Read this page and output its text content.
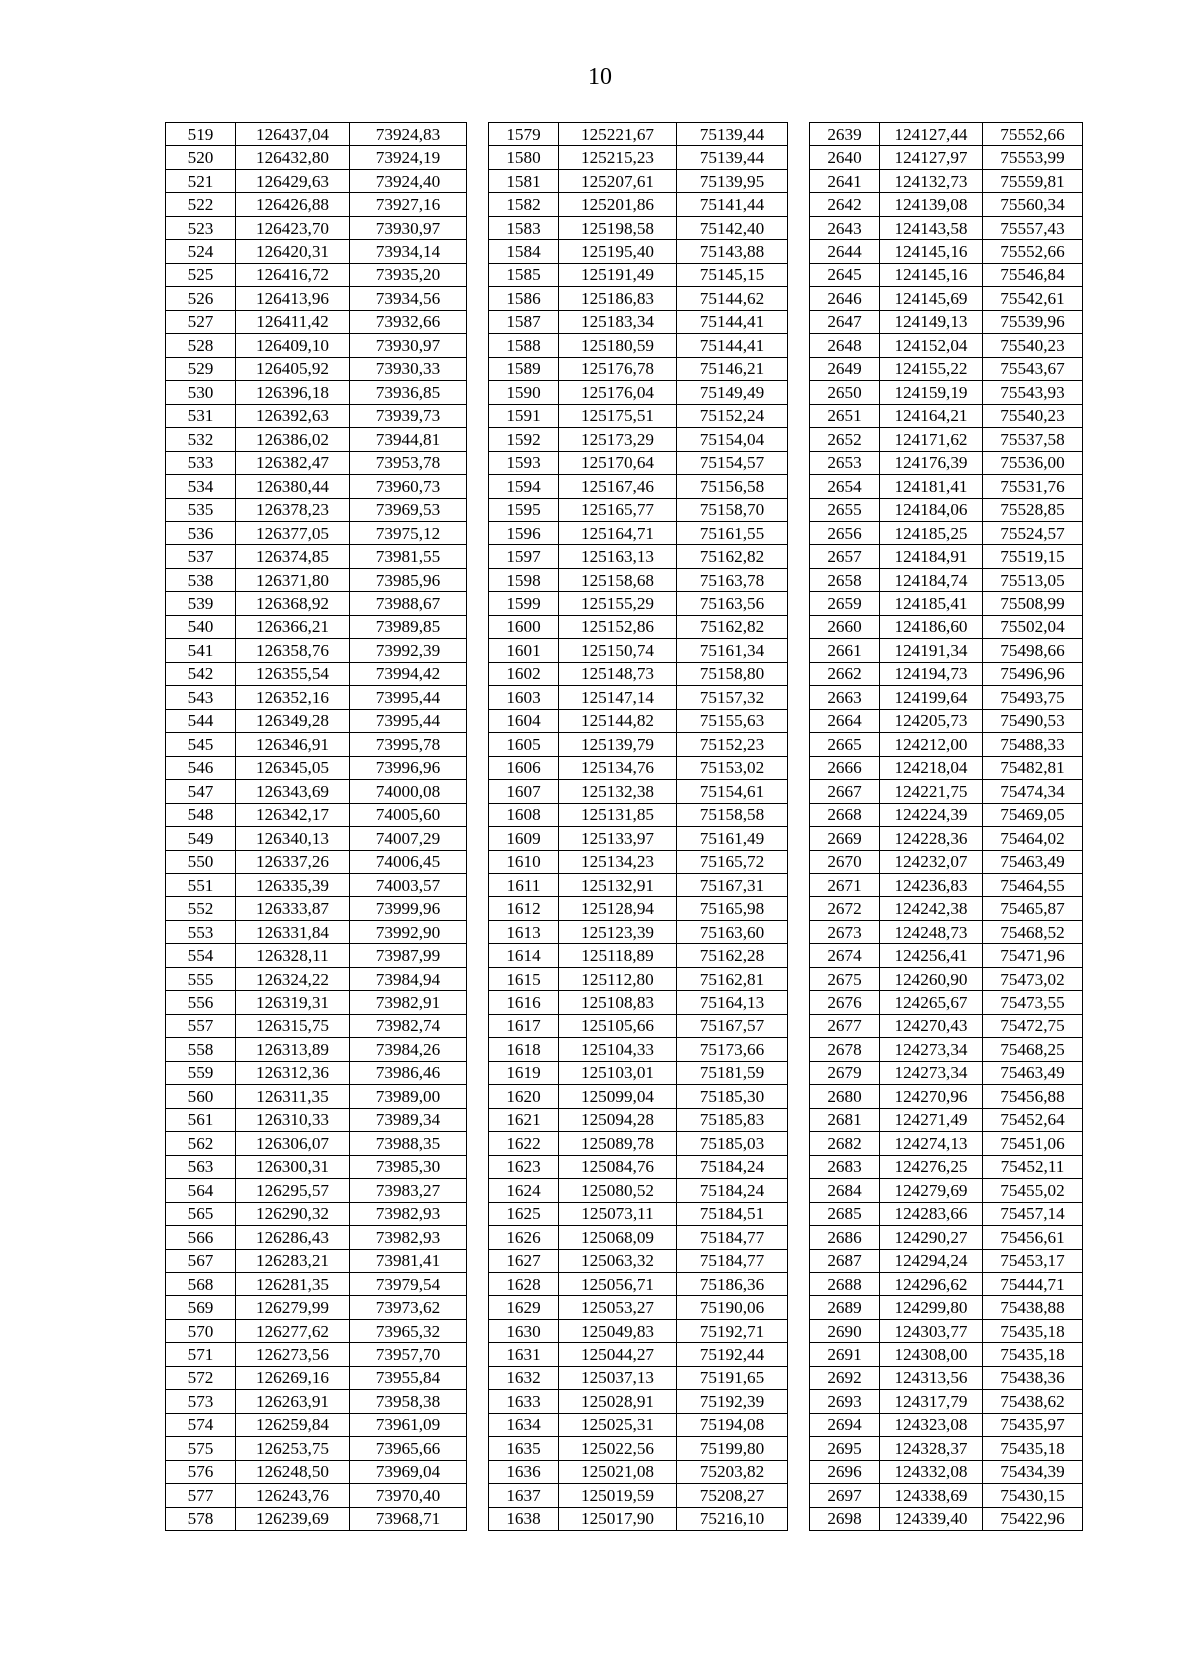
10
519	126437,04	73924,83		1579	125221,67	75139,44		2639	124127,44	75552,66
520	126432,80	73924,19		1580	125215,23	75139,44		2640	124127,97	75553,99
521	126429,63	73924,40		1581	125207,61	75139,95		2641	124132,73	75559,81
522	126426,88	73927,16		1582	125201,86	75141,44		2642	124139,08	75560,34
523	126423,70	73930,97		1583	125198,58	75142,40		2643	124143,58	75557,43
524	126420,31	73934,14		1584	125195,40	75143,88		2644	124145,16	75552,66
525	126416,72	73935,20		1585	125191,49	75145,15		2645	124145,16	75546,84
526	126413,96	73934,56		1586	125186,83	75144,62		2646	124145,69	75542,61
527	126411,42	73932,66		1587	125183,34	75144,41		2647	124149,13	75539,96
528	126409,10	73930,97		1588	125180,59	75144,41		2648	124152,04	75540,23
529	126405,92	73930,33		1589	125176,78	75146,21		2649	124155,22	75543,67
530	126396,18	73936,85		1590	125176,04	75149,49		2650	124159,19	75543,93
531	126392,63	73939,73		1591	125175,51	75152,24		2651	124164,21	75540,23
532	126386,02	73944,81		1592	125173,29	75154,04		2652	124171,62	75537,58
533	126382,47	73953,78		1593	125170,64	75154,57		2653	124176,39	75536,00
534	126380,44	73960,73		1594	125167,46	75156,58		2654	124181,41	75531,76
535	126378,23	73969,53		1595	125165,77	75158,70		2655	124184,06	75528,85
536	126377,05	73975,12		1596	125164,71	75161,55		2656	124185,25	75524,57
537	126374,85	73981,55		1597	125163,13	75162,82		2657	124184,91	75519,15
538	126371,80	73985,96		1598	125158,68	75163,78		2658	124184,74	75513,05
539	126368,92	73988,67		1599	125155,29	75163,56		2659	124185,41	75508,99
540	126366,21	73989,85		1600	125152,86	75162,82		2660	124186,60	75502,04
541	126358,76	73992,39		1601	125150,74	75161,34		2661	124191,34	75498,66
542	126355,54	73994,42		1602	125148,73	75158,80		2662	124194,73	75496,96
543	126352,16	73995,44		1603	125147,14	75157,32		2663	124199,64	75493,75
544	126349,28	73995,44		1604	125144,82	75155,63		2664	124205,73	75490,53
545	126346,91	73995,78		1605	125139,79	75152,23		2665	124212,00	75488,33
546	126345,05	73996,96		1606	125134,76	75153,02		2666	124218,04	75482,81
547	126343,69	74000,08		1607	125132,38	75154,61		2667	124221,75	75474,34
548	126342,17	74005,60		1608	125131,85	75158,58		2668	124224,39	75469,05
549	126340,13	74007,29		1609	125133,97	75161,49		2669	124228,36	75464,02
550	126337,26	74006,45		1610	125134,23	75165,72		2670	124232,07	75463,49
551	126335,39	74003,57		1611	125132,91	75167,31		2671	124236,83	75464,55
552	126333,87	73999,96		1612	125128,94	75165,98		2672	124242,38	75465,87
553	126331,84	73992,90		1613	125123,39	75163,60		2673	124248,73	75468,52
554	126328,11	73987,99		1614	125118,89	75162,28		2674	124256,41	75471,96
555	126324,22	73984,94		1615	125112,80	75162,81		2675	124260,90	75473,02
556	126319,31	73982,91		1616	125108,83	75164,13		2676	124265,67	75473,55
557	126315,75	73982,74		1617	125105,66	75167,57		2677	124270,43	75472,75
558	126313,89	73984,26		1618	125104,33	75173,66		2678	124273,34	75468,25
559	126312,36	73986,46		1619	125103,01	75181,59		2679	124273,34	75463,49
560	126311,35	73989,00		1620	125099,04	75185,30		2680	124270,96	75456,88
561	126310,33	73989,34		1621	125094,28	75185,83		2681	124271,49	75452,64
562	126306,07	73988,35		1622	125089,78	75185,03		2682	124274,13	75451,06
563	126300,31	73985,30		1623	125084,76	75184,24		2683	124276,25	75452,11
564	126295,57	73983,27		1624	125080,52	75184,24		2684	124279,69	75455,02
565	126290,32	73982,93		1625	125073,11	75184,51		2685	124283,66	75457,14
566	126286,43	73982,93		1626	125068,09	75184,77		2686	124290,27	75456,61
567	126283,21	73981,41		1627	125063,32	75184,77		2687	124294,24	75453,17
568	126281,35	73979,54		1628	125056,71	75186,36		2688	124296,62	75444,71
569	126279,99	73973,62		1629	125053,27	75190,06		2689	124299,80	75438,88
570	126277,62	73965,32		1630	125049,83	75192,71		2690	124303,77	75435,18
571	126273,56	73957,70		1631	125044,27	75192,44		2691	124308,00	75435,18
572	126269,16	73955,84		1632	125037,13	75191,65		2692	124313,56	75438,36
573	126263,91	73958,38		1633	125028,91	75192,39		2693	124317,79	75438,62
574	126259,84	73961,09		1634	125025,31	75194,08		2694	124323,08	75435,97
575	126253,75	73965,66		1635	125022,56	75199,80		2695	124328,37	75435,18
576	126248,50	73969,04		1636	125021,08	75203,82		2696	124332,08	75434,39
577	126243,76	73970,40		1637	125019,59	75208,27		2697	124338,69	75430,15
578	126239,69	73968,71		1638	125017,90	75216,10		2698	124339,40	75422,96
